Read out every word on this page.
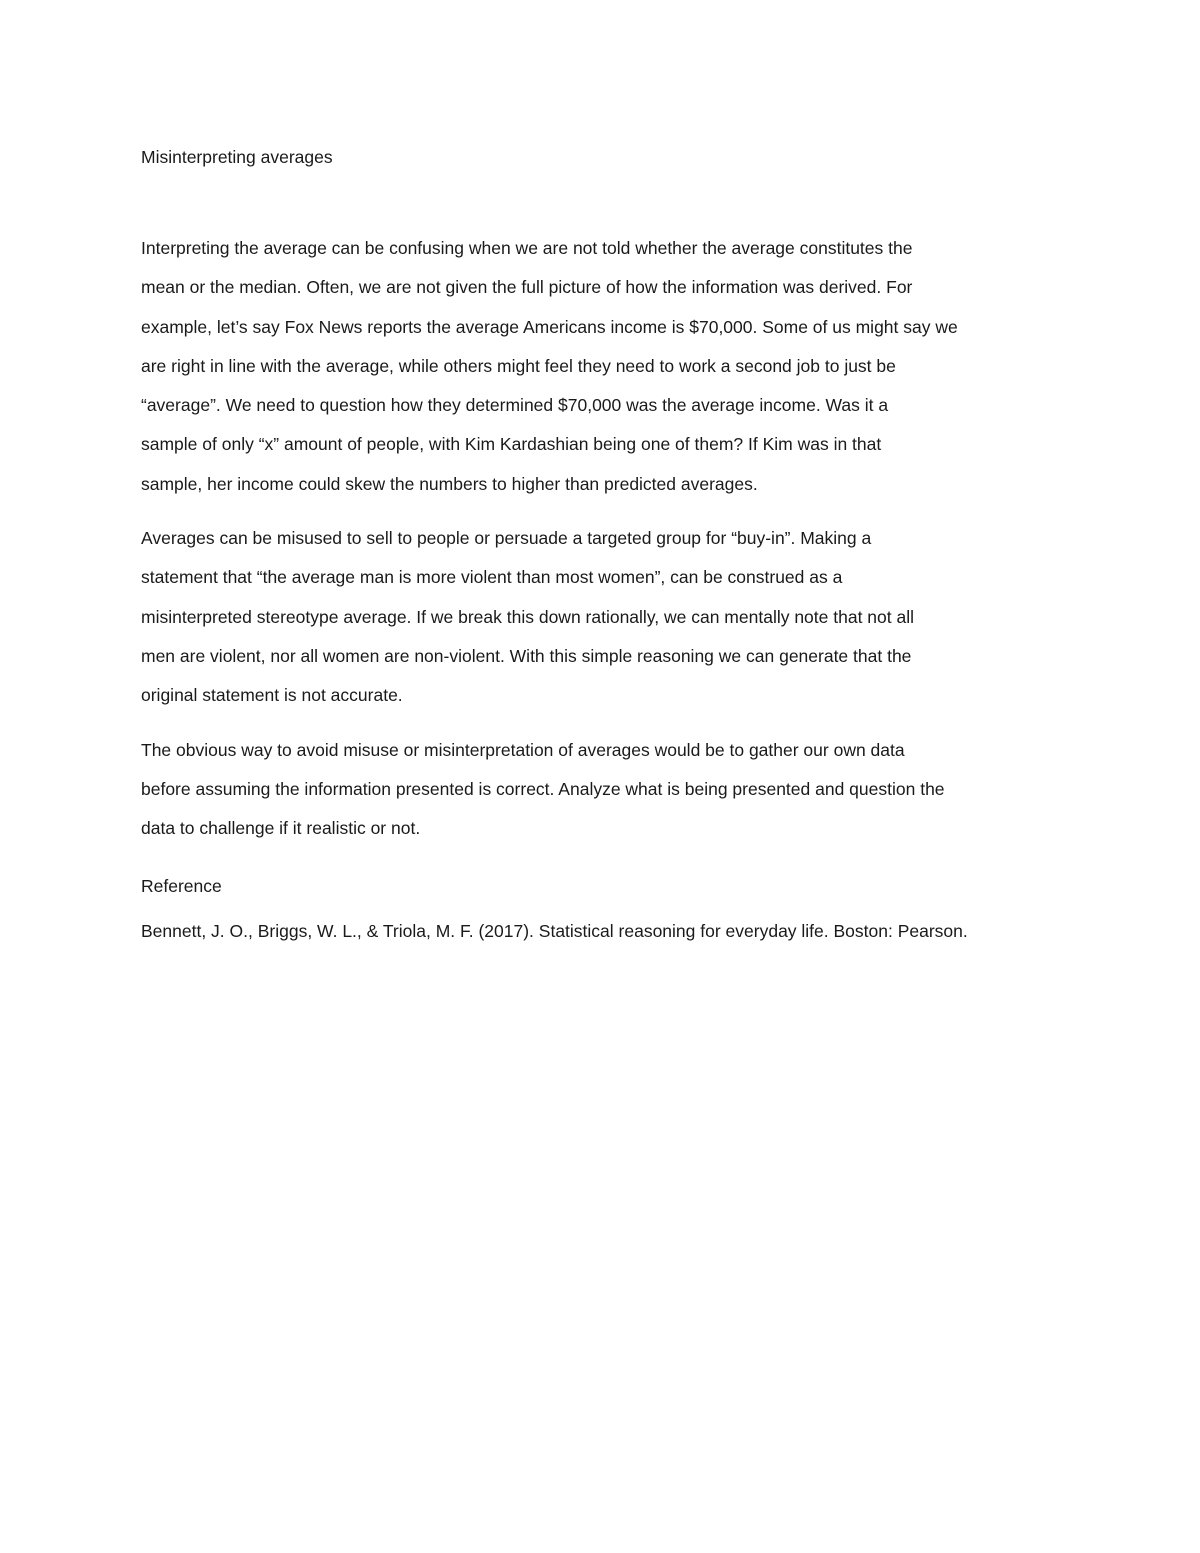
Misinterpreting averages
Interpreting the average can be confusing when we are not told whether the average constitutes the
mean or the median. Often, we are not given the full picture of how the information was derived. For
example, let’s say Fox News reports the average Americans income is $70,000. Some of us might say we
are right in line with the average, while others might feel they need to work a second job to just be
“average”. We need to question how they determined $70,000 was the average income. Was it a
sample of only “x” amount of people, with Kim Kardashian being one of them? If Kim was in that
sample, her income could skew the numbers to higher than predicted averages.
Averages can be misused to sell to people or persuade a targeted group for “buy-in”. Making a
statement that “the average man is more violent than most women”, can be construed as a
misinterpreted stereotype average. If we break this down rationally, we can mentally note that not all
men are violent, nor all women are non-violent. With this simple reasoning we can generate that the
original statement is not accurate.
The obvious way to avoid misuse or misinterpretation of averages would be to gather our own data
before assuming the information presented is correct. Analyze what is being presented and question the
data to challenge if it realistic or not.
Reference
Bennett, J. O., Briggs, W. L., & Triola, M. F. (2017). Statistical reasoning for everyday life. Boston: Pearson.
